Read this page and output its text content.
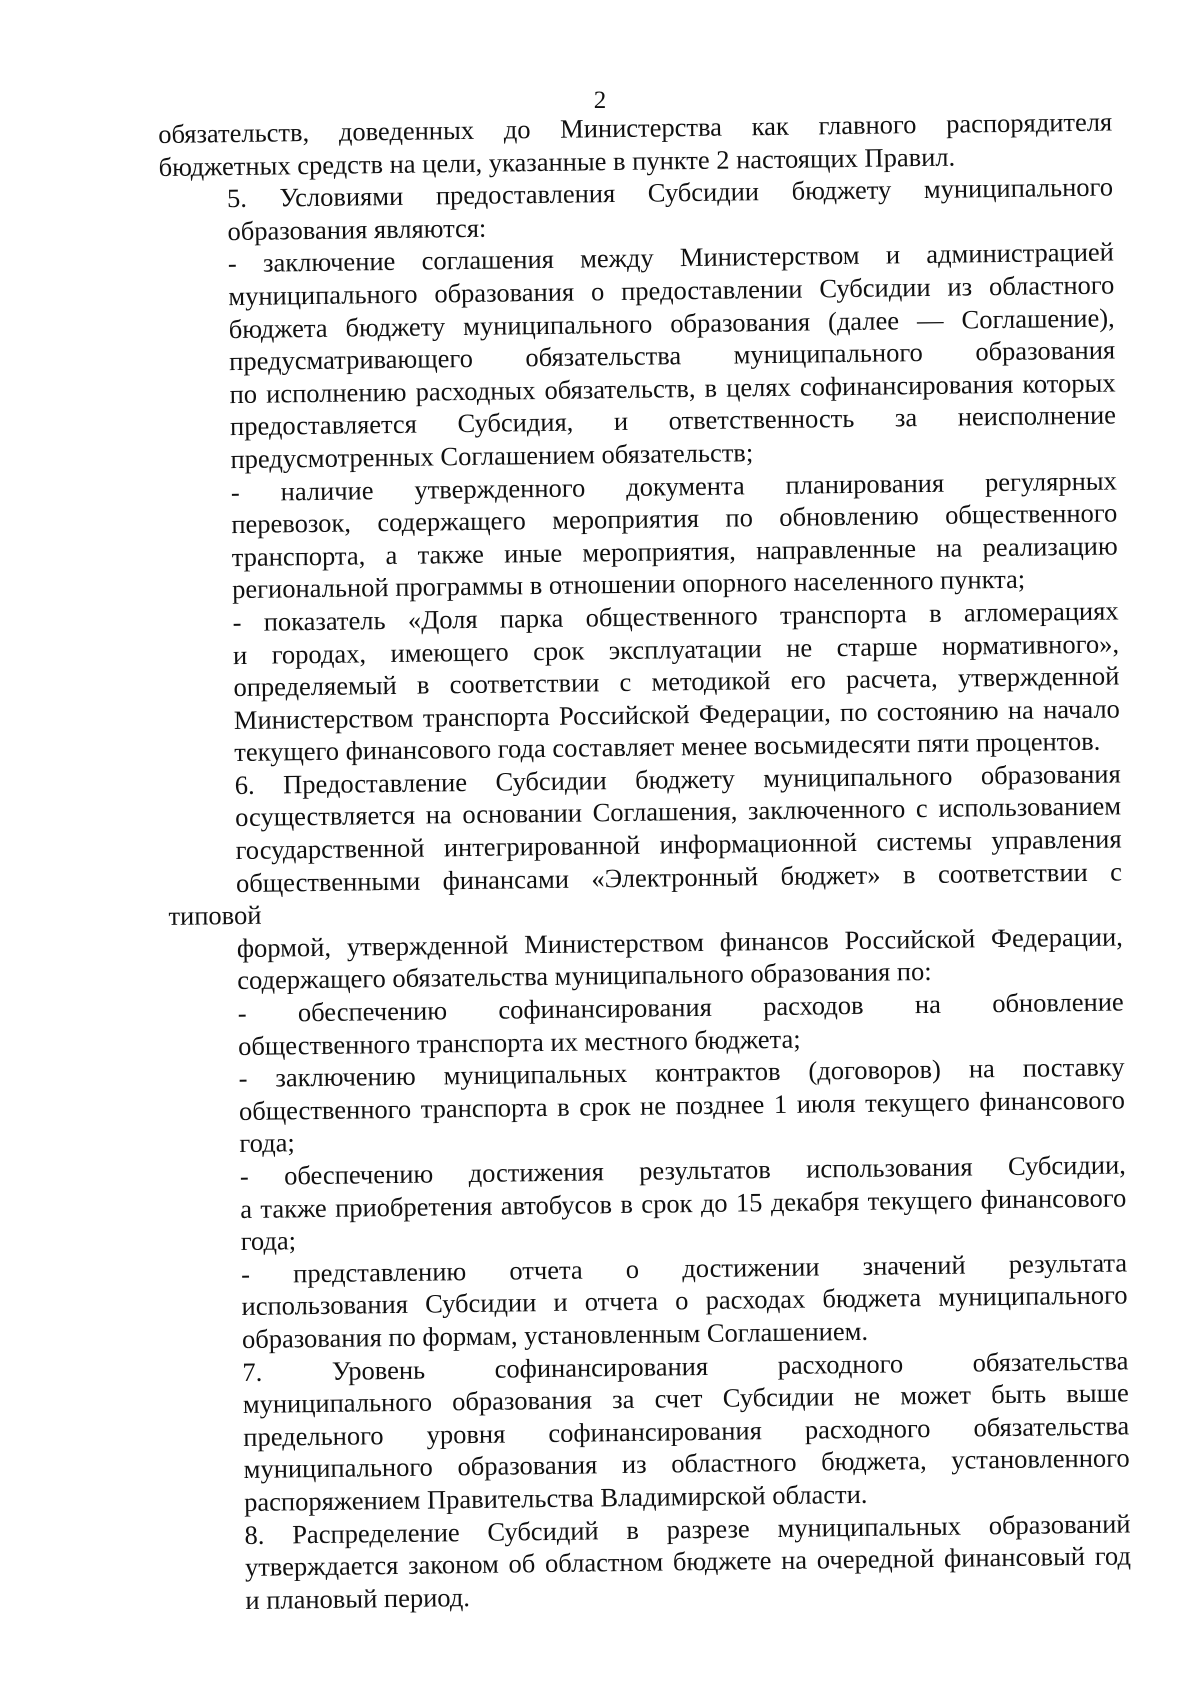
2

обязательств, доведенных до Министерства как главного распорядителя
бюджетных средств на цели, указанные в пункте 2 настоящих Правил.

5. Условиями предоставления Субсидии бюджету муниципального
образования являются:

- заключение соглашения между Министерством и администрацией
муниципального образования о предоставлении Субсидии из областного
бюджета бюджету муниципального образования (далее — Соглашение),
предусматривающего обязательства муниципального образования
по исполнению расходных обязательств, в целях софинансирования которых
предоставляется Субсидия, и ответственность за неисполнение
предусмотренных Соглашением обязательств;

- наличие утвержденного документа планирования регулярных
перевозок, содержащего мероприятия по обновлению общественного
транспорта, а также иные мероприятия, направленные на реализацию
региональной программы в отношении опорного населенного пункта;

- показатель «Доля парка общественного транспорта в агломерациях
и городах, имеющего срок эксплуатации не старше нормативного»,
определяемый в соответствии с методикой его расчета, утвержденной
Министерством транспорта Российской Федерации, по состоянию на начало
текущего финансового года составляет менее восьмидесяти пяти процентов.

6. Предоставление Субсидии бюджету муниципального образования
осуществляется на основании Соглашения, заключенного с использованием
государственной интегрированной информационной системы управления
общественными финансами «Электронный бюджет» в соответствии с типовой
формой, утвержденной Министерством финансов Российской Федерации,
содержащего обязательства муниципального образования по:

- обеспечению софинансирования расходов на обновление
общественного транспорта их местного бюджета;

- заключению муниципальных контрактов (договоров) на поставку
общественного транспорта в срок не позднее 1 июля текущего финансового
года;

- обеспечению достижения результатов использования Субсидии,
а также приобретения автобусов в срок до 15 декабря текущего финансового
года;

- представлению отчета о достижении значений результата
использования Субсидии и отчета о расходах бюджета муниципального
образования по формам, установленным Соглашением.

7. Уровень софинансирования расходного обязательства
муниципального образования за счет Субсидии не может быть выше
предельного уровня софинансирования расходного обязательства
муниципального образования из областного бюджета, установленного
распоряжением Правительства Владимирской области.

8. Распределение Субсидий в разрезе муниципальных образований
утверждается законом об областном бюджете на очередной финансовый год
и плановый период.
